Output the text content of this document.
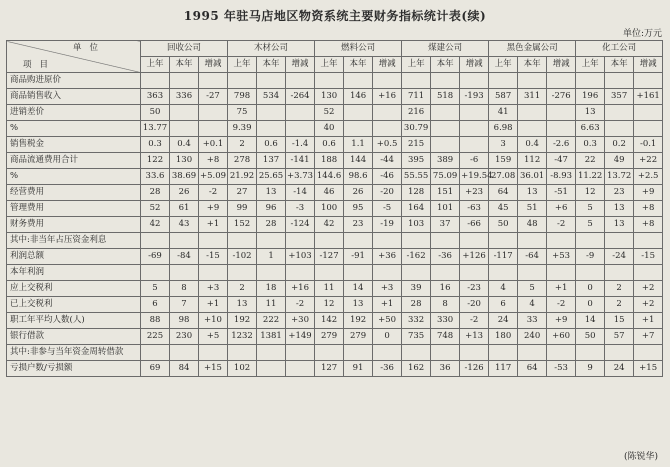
1995 年驻马店地区物资系统主要财务指标统计表(续)
单位:万元
单位
项目	回收公司			木材公司			燃料公司			煤建公司			黑色金属公司			化工公司		
	上年	本年	增减	上年	本年	增减	上年	本年	增减	上年	本年	增减	上年	本年	增减	上年	本年	增减
商品购进原价																		
商品销售收入	363	336	-27	798	534	-264	130	146	+16	711	518	-193	587	311	-276	196	357	+161
进销差价	50			75			52			216			41			13		
%	13.77			9.39			40			30.79			6.98			6.63		
销售税金	0.3	0.4	+0.1	2	0.6	-1.4	0.6	1.1	+0.5	215			3	0.4	-2.6	0.3	0.2	-0.1
商品流通费用合计	122	130	+8	278	137	-141	188	144	-44	395	389	-6	159	112	-47	22	49	+22
%	33.6	38.69	+5.09	21.92	25.65	+3.73	144.6	98.6	-46	55.55	75.09	+19.54	27.08	36.01	-8.93	11.22	13.72	+2.5
经营费用	28	26	-2	27	13	-14	46	26	-20	128	151	+23	64	13	-51	12	23	+9
管理费用	52	61	+9	99	96	-3	100	95	-5	164	101	-63	45	51	+6	5	13	+8
财务费用	42	43	+1	152	28	-124	42	23	-19	103	37	-66	50	48	-2	5	13	+8
其中:非当年占压资金利息																		
利润总额	-69	-84	-15	-102	1	+103	-127	-91	+36	-162	-36	+126	-117	-64	+53	-9	-24	-15
本年利润																		
应上交税利	5	8	+3	2	18	+16	11	14	+3	39	16	-23	4	5	+1	0	2	+2
已上交税利	6	7	+1	13	11	-2	12	13	+1	28	8	-20	6	4	-2	0	2	+2
职工年平均人数(人)	88	98	+10	192	222	+30	142	192	+50	332	330	-2	24	33	+9	14	15	+1
银行借款	225	230	+5	1232	1381	+149	279	279	0	735	748	+13	180	240	+60	50	57	+7
其中:非参与当年资金周转借款																		
亏损户数/亏损额	69	84	+15	102			127	91	-36	162	36	-126	117	64	-53	9	24	+15
(陈锐华)
